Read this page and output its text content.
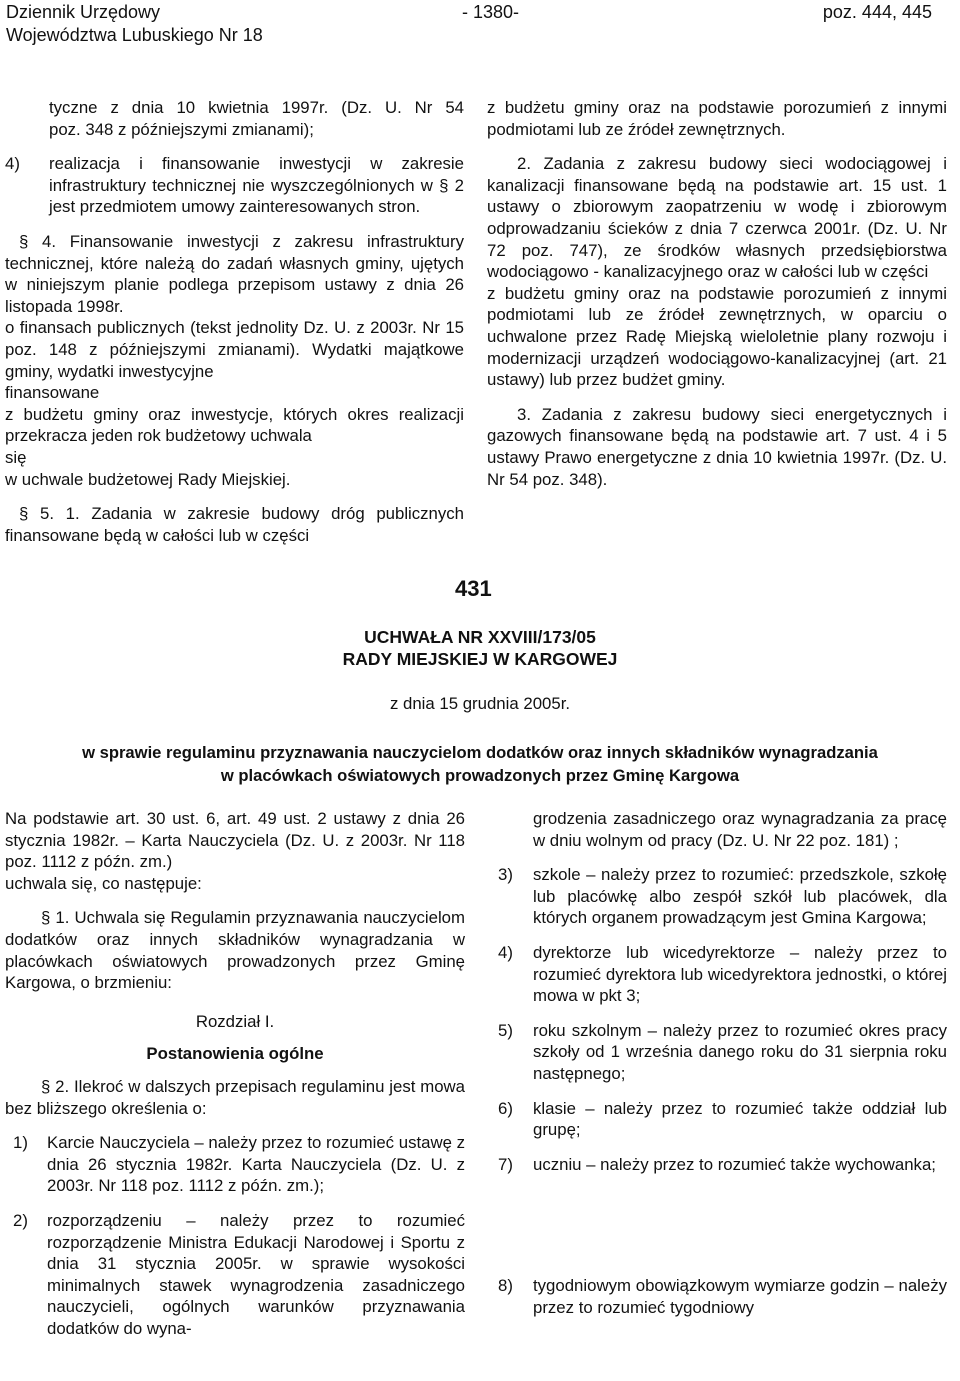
Dziennik Urzędowy
Województwa Lubuskiego Nr 18
- 1380-	poz. 444, 445

tyczne z dnia 10 kwietnia 1997r. (Dz. U. Nr 54

poz. 348 z późniejszymi zmianami);

4) realizacja i finansowanie inwestycji w zakresie infrastruktury technicznej nie wyszczególnionych w § 2 jest przedmiotem umowy zainteresowanych stron.

§ 4. Finansowanie inwestycji z zakresu infrastruktury technicznej, które należą do zadań własnych gminy, ujętych w niniejszym planie podlega przepisom ustawy z dnia 26 listopada 1998r.

o finansach publicznych (tekst jednolity Dz. U. z 2003r. Nr 15

poz. 148 z późniejszymi zmianami). Wydatki majątkowe gminy, wydatki inwestycyjne

finansowane

z budżetu gminy oraz inwestycje, których okres realizacji przekracza jeden rok budżetowy uchwala

się

w uchwale budżetowej Rady Miejskiej.

§ 5. 1. Zadania w zakresie budowy dróg publicznych finansowane będą w całości lub w części

z budżetu gminy oraz na podstawie porozumień z innymi podmiotami lub ze źródeł zewnętrznych.

2. Zadania z zakresu budowy sieci wodociągowej i kanalizacji finansowane będą na podstawie art. 15 ust. 1 ustawy o zbiorowym zaopatrzeniu w wodę i zbiorowym odprowadzaniu ścieków z dnia 7 czerwca 2001r. (Dz. U. Nr 72 poz. 747), ze środków własnych przedsiębiorstwa wodociągowo - kanalizacyjnego oraz w całości lub w części

z budżetu gminy oraz na podstawie porozumień z innymi podmiotami lub ze źródeł zewnętrznych, w oparciu o uchwalone przez Radę Miejską wieloletnie plany rozwoju i modernizacji urządzeń wodociągowo-kanalizacyjnej (art. 21 ustawy) lub przez budżet gminy.

3. Zadania z zakresu budowy sieci energetycznych i gazowych finansowane będą na podstawie art. 7 ust. 4 i 5 ustawy Prawo energetyczne z dnia 10 kwietnia 1997r. (Dz. U. Nr 54 poz. 348).

431
UCHWAŁA NR XXVIII/173/05
RADY MIEJSKIEJ W KARGOWEJ
z dnia 15 grudnia 2005r.
w sprawie regulaminu przyznawania nauczycielom dodatków oraz innych składników wynagradzania
w placówkach oświatowych prowadzonych przez Gminę Kargowa

Na podstawie art. 30 ust. 6, art. 49 ust. 2 ustawy z dnia 26 stycznia 1982r. – Karta Nauczyciela (Dz. U. z 2003r. Nr 118 poz. 1112 z późn. zm.)

uchwala się, co następuje:

§ 1. Uchwala się Regulamin przyznawania nauczycielom dodatków oraz innych składników wynagradzania w placówkach oświatowych prowadzonych przez Gminę Kargowa, o brzmieniu:

Rozdział I.

Postanowienia ogólne

§ 2. Ilekroć w dalszych przepisach regulaminu jest mowa bez bliższego określenia o:

1) Karcie Nauczyciela – należy przez to rozumieć ustawę z dnia 26 stycznia 1982r. Karta Nauczyciela (Dz. U. z 2003r. Nr 118 poz. 1112 z późn. zm.);

2) rozporządzeniu – należy przez to rozumieć rozporządzenie Ministra Edukacji Narodowej i Sportu z dnia 31 stycznia 2005r. w sprawie wysokości minimalnych stawek wynagrodzenia zasadniczego nauczycieli, ogólnych warunków przyznawania dodatków do wyna-

grodzenia zasadniczego oraz wynagradzania za pracę w dniu wolnym od pracy (Dz. U. Nr 22 poz. 181) ;

3) szkole – należy przez to rozumieć: przedszkole, szkołę lub placówkę albo zespół szkół lub placówek, dla których organem prowadzącym jest Gmina Kargowa;

4) dyrektorze lub wicedyrektorze – należy przez to rozumieć dyrektora lub wicedyrektora jednostki, o której mowa w pkt 3;

5) roku szkolnym – należy przez to rozumieć okres pracy szkoły od 1 września danego roku do 31 sierpnia roku następnego;

6) klasie – należy przez to rozumieć także oddział lub grupę;

7) uczniu – należy przez to rozumieć także wychowanka;

8) tygodniowym obowiązkowym wymiarze godzin – należy przez to rozumieć tygodniowy
